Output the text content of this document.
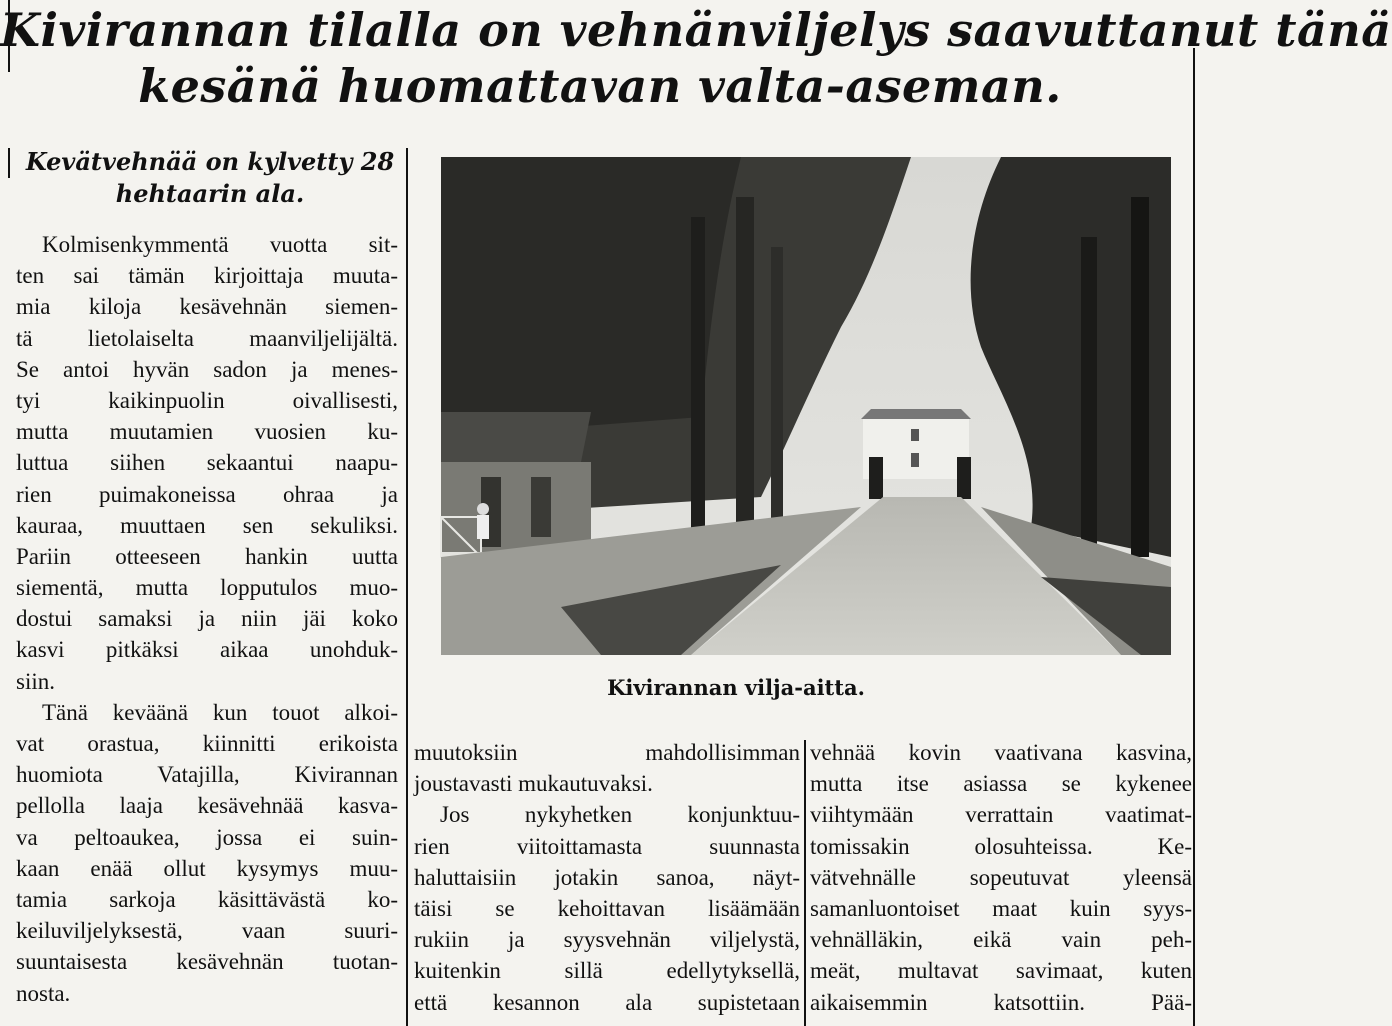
Kivirannan tilalla on vehnänviljelys saavuttanut tänä
kesänä huomattavan valta-aseman.
Kevätvehnää on kylvetty 28
hehtaarin ala.
Kolmisenkymmentä vuotta sit-
ten sai tämän kirjoittaja muuta-
mia kiloja kesävehnän siemen-
tä lietolaiselta maanviljelijältä.
Se antoi hyvän sadon ja menes-
tyi kaikinpuolin oivallisesti,
mutta muutamien vuosien ku-
luttua siihen sekaantui naapu-
rien puimakoneissa ohraa ja
kauraa, muuttaen sen sekuliksi.
Pariin otteeseen hankin uutta
siementä, mutta lopputulos muo-
dostui samaksi ja niin jäi koko
kasvi pitkäksi aikaa unohduk-
siin.
Tänä keväänä kun touot alkoi-
vat orastua, kiinnitti erikoista
huomiota Vatajilla, Kivirannan
pellolla laaja kesävehnää kasva-
va peltoaukea, jossa ei suin-
kaan enää ollut kysymys muu-
tamia sarkoja käsittävästä ko-
keiluviljelyksestä, vaan suuri-
suuntaisesta kesävehnän tuotan-
nosta.
muutoksiin mahdollisimman
joustavasti mukautuvaksi.
Jos nykyhetken konjunktuu-
rien viitoittamasta suunnasta
haluttaisiin jotakin sanoa, näyt-
täisi se kehoittavan lisäämään
rukiin ja syysvehnän viljelystä,
kuitenkin sillä edellytyksellä,
että kesannon ala supistetaan
vehnää kovin vaativana kasvina,
mutta itse asiassa se kykenee
viihtymään verrattain vaatimat-
tomissakin olosuhteissa. Ke-
vätvehnälle sopeutuvat yleensä
samanluontoiset maat kuin syys-
vehnälläkin, eikä vain peh-
meät, multavat savimaat, kuten
aikaisemmin katsottiin. Pää-
Kivirannan vilja-aitta.
